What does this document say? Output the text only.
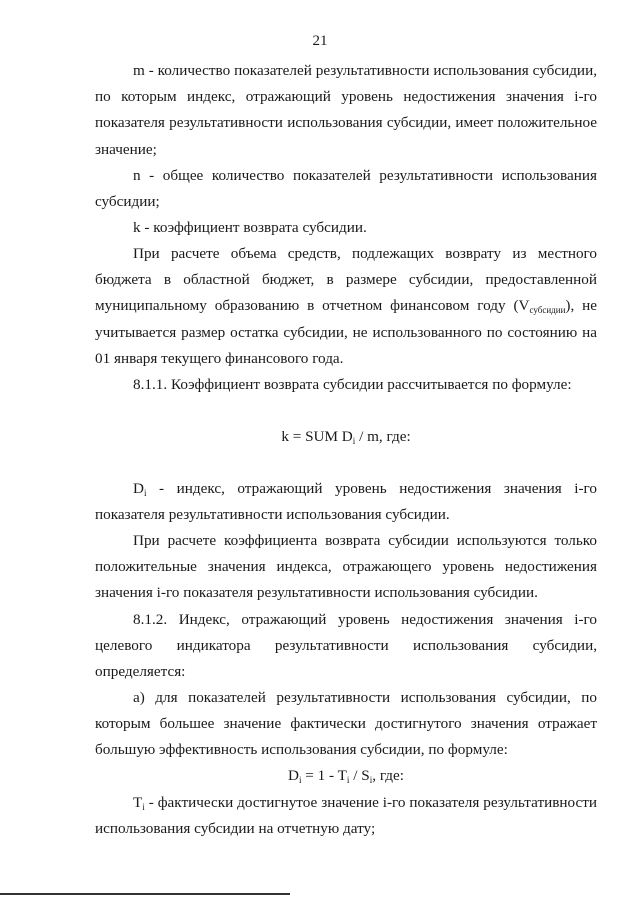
21

m - количество показателей результативности использования субсидии,

по которым индекс, отражающий уровень недостижения значения i-го

показателя результативности использования субсидии, имеет положительное

значение;

n - общее количество показателей результативности использования

субсидии;

k - коэффициент возврата субсидии.

При расчете объема средств, подлежащих возврату из местного

бюджета в областной бюджет, в размере субсидии, предоставленной

муниципальному образованию в отчетном финансовом году $(V_{субсидии})$, не

учитывается размер остатка субсидии, не использованного по состоянию на

01 января текущего финансового года.

8.1.1. Коэффициент возврата субсидии рассчитывается по формуле:

k = SUM $D_i$ / m, где:

$D_i$ - индекс, отражающий уровень недостижения значения i-го

показателя результативности использования субсидии.

При расчете коэффициента возврата субсидии используются только

положительные значения индекса, отражающего уровень недостижения

значения i-го показателя результативности использования субсидии.

8.1.2. Индекс, отражающий уровень недостижения значения i-го

целевого индикатора результативности использования субсидии,

определяется:

а) для показателей результативности использования субсидии, по

которым большее значение фактически достигнутого значения отражает

большую эффективность использования субсидии, по формуле:

$D_i = 1 - T_i / S_i$, где:

$T_i$ - фактически достигнутое значение i-го показателя результативности

использования субсидии на отчетную дату;
